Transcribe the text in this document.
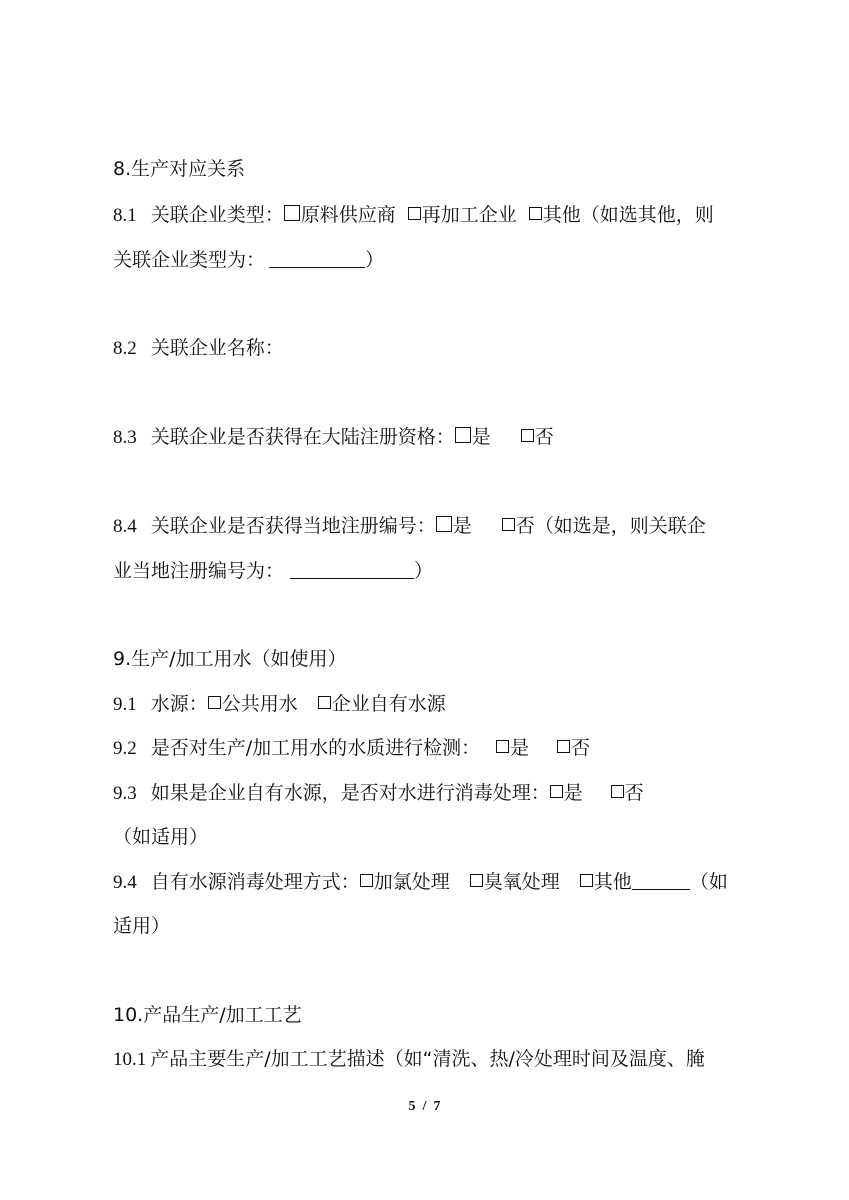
8.生产对应关系
8.1 关联企业类型： 原料供应商 再加工企业 其他（如选其他，则
关联企业类型为：	）
8.2 关联企业名称：
8.3 关联企业是否获得在大陆注册资格： 是 否
8.4 关联企业是否获得当地注册编号： 是 否（如选是，则关联企
业当地注册编号为：	）
9.生产/加工用水（如使用）
9.1 水源： 公共用水 企业自有水源
9.2 是否对生产/加工用水的水质进行检测： 是 否
9.3 如果是企业自有水源，是否对水进行消毒处理： 是 否
（如适用）
9.4 自有水源消毒处理方式： 加氯处理 臭氧处理 其他	（如
适用）
10.产品生产/加工工艺
10.1 产品主要生产/加工工艺描述（如“清洗、热/冷处理时间及温度、腌
5 / 7
